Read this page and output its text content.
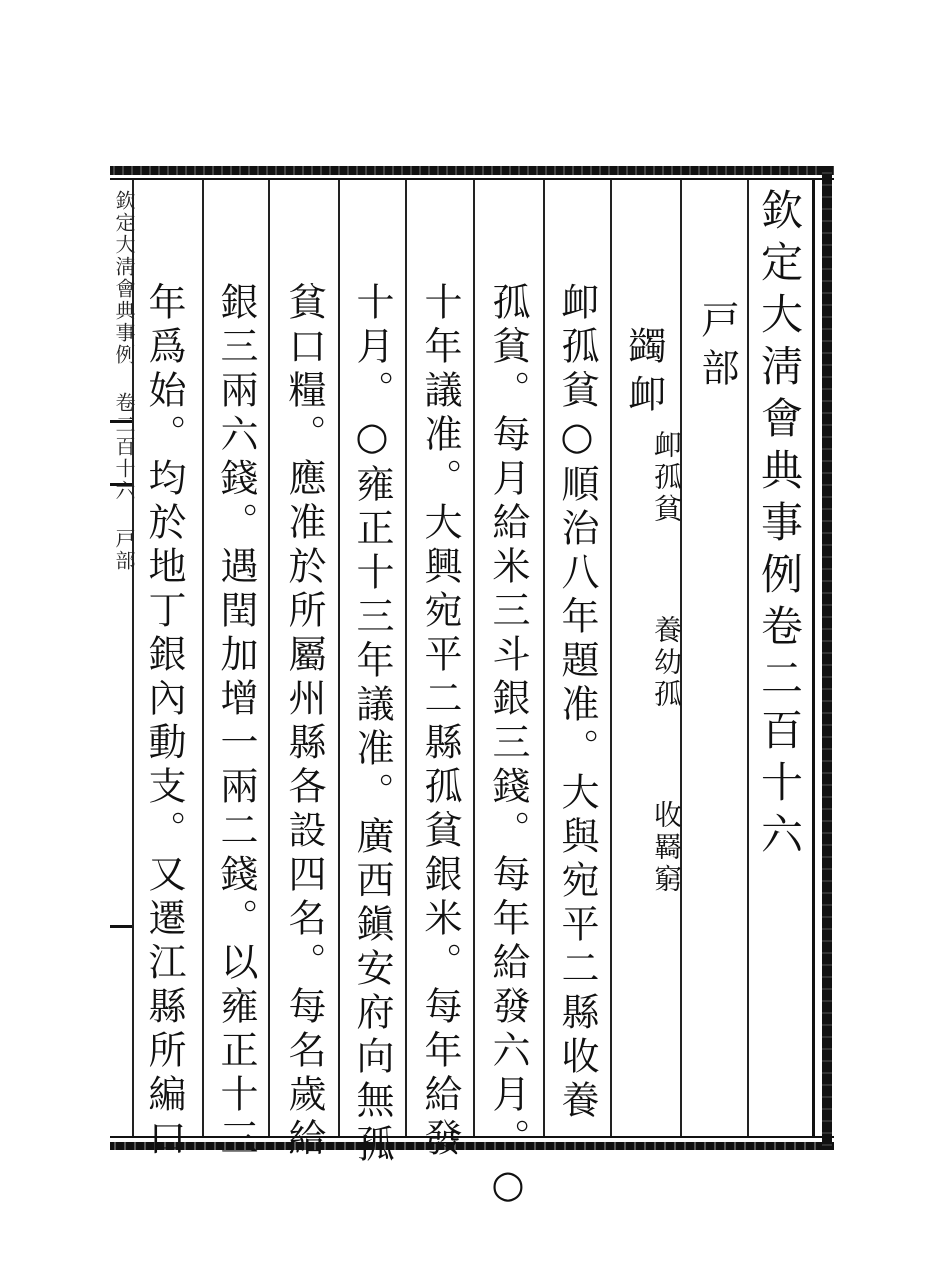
欽定大淸會典事例 卷二百十六 戸部	欽定大淸會典事例卷二百十六
戸部
蠲卹
卹孤貧
養幼孤
收羇窮
卹孤貧○順治八年題准。大與宛平二縣收養
孤貧。每月給米三斗銀三錢。每年給發六月。○
十年議准。大興宛平二縣孤貧銀米。每年給發
十月。○雍正十三年議准。廣西鎭安府向無孤
貧口糧。應准於所屬州縣各設四名。每名歲給
銀三兩六錢。遇閏加增一兩二錢。以雍正十三
年爲始。均於地丁銀內動支。又遷江縣所編口
